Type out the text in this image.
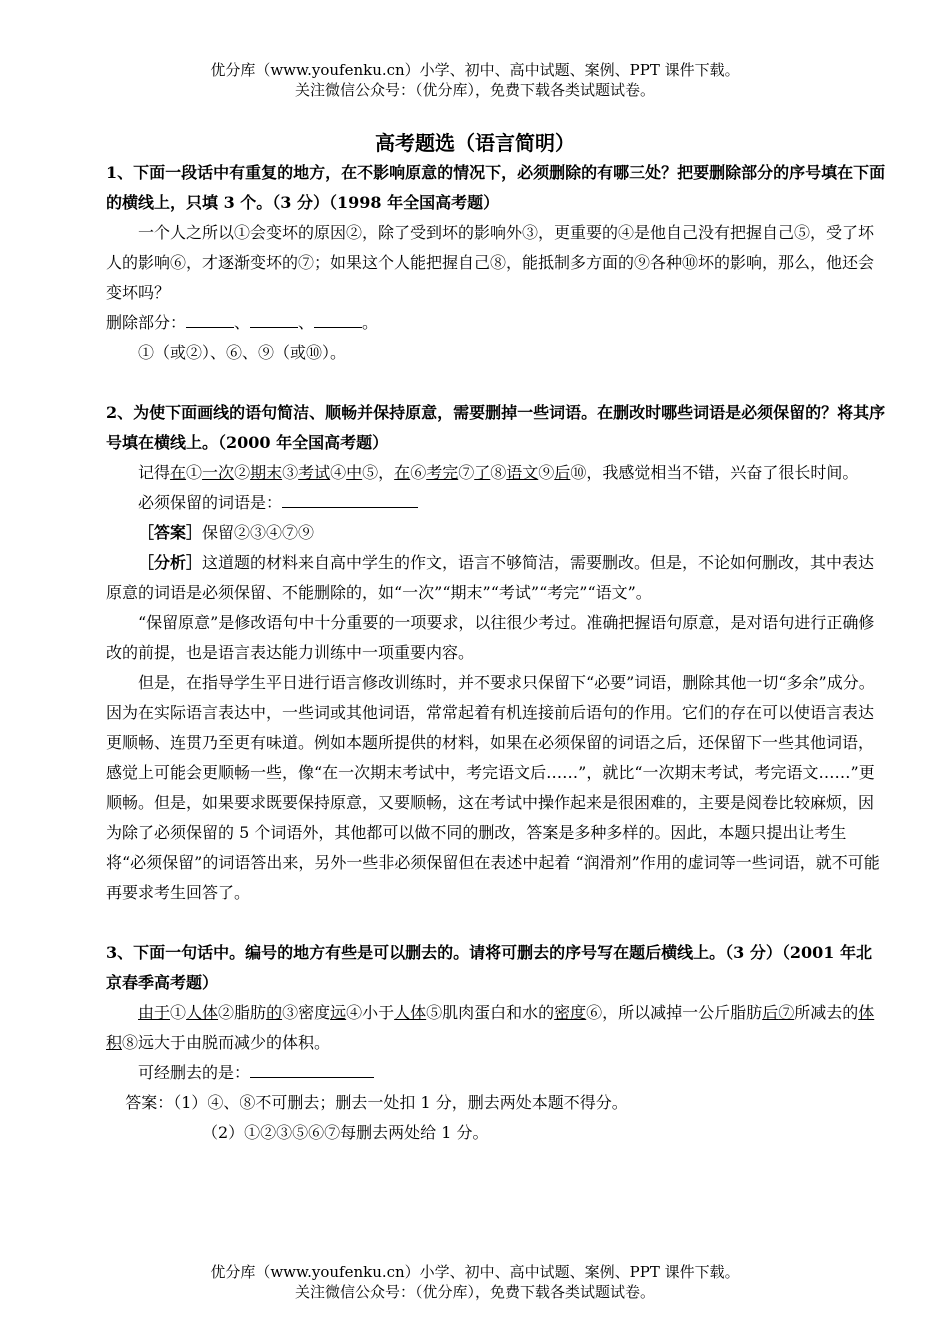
优分库（www.youfenku.cn）小学、初中、高中试题、案例、PPT 课件下载。
关注微信公众号：（优分库），免费下载各类试题试卷。
高考题选（语言简明）

1、下面一段话中有重复的地方，在不影响原意的情况下，必须删除的有哪三处？把要删除部分的序号填在下面的横线上，只填 3 个。（3 分）（1998 年全国高考题）

一个人之所以①会变坏的原因②，除了受到坏的影响外③，更重要的④是他自己没有把握自己⑤，受了坏人的影响⑥，才逐渐变坏的⑦；如果这个人能把握自己⑧，能抵制多方面的⑨各种⑩坏的影响，那么，他还会变坏吗？

删除部分：	、	、	。

①（或②）、⑥、⑨（或⑩）。

2、为使下面画线的语句简洁、顺畅并保持原意，需要删掉一些词语。在删改时哪些词语是必须保留的？将其序号填在横线上。（2000 年全国高考题）

记得在①一次②期末③考试④中⑤，在⑥考完⑦了⑧语文⑨后⑩，我感觉相当不错，兴奋了很长时间。

必须保留的词语是：

［答案］保留②③④⑦⑨

［分析］这道题的材料来自高中学生的作文，语言不够简洁，需要删改。但是，不论如何删改，其中表达原意的词语是必须保留、不能删除的，如“一次”“期末”“考试”“考完”“语文”。

“保留原意”是修改语句中十分重要的一项要求，以往很少考过。准确把握语句原意，是对语句进行正确修改的前提，也是语言表达能力训练中一项重要内容。

但是，在指导学生平日进行语言修改训练时，并不要求只保留下“必要”词语，删除其他一切“多余”成分。因为在实际语言表达中，一些词或其他词语，常常起着有机连接前后语句的作用。它们的存在可以使语言表达更顺畅、连贯乃至更有味道。例如本题所提供的材料，如果在必须保留的词语之后，还保留下一些其他词语，感觉上可能会更顺畅一些，像“在一次期末考试中，考完语文后……”，就比“一次期末考试，考完语文……”更顺畅。但是，如果要求既要保持原意，又要顺畅，这在考试中操作起来是很困难的，主要是阅卷比较麻烦，因为除了必须保留的 5 个词语外，其他都可以做不同的删改，答案是多种多样的。因此，本题只提出让考生将“必须保留”的词语答出来，另外一些非必须保留但在表述中起着 “润滑剂”作用的虚词等一些词语，就不可能再要求考生回答了。

3、下面一句话中。编号的地方有些是可以删去的。请将可删去的序号写在题后横线上。（3 分）（2001 年北京春季高考题）

由于①人体②脂肪的③密度远④小于人体⑤肌肉蛋白和水的密度⑥，所以减掉一公斤脂肪后⑦所减去的体积⑧远大于由脱而减少的体积。

可经删去的是：

答案：（1）④、⑧不可删去；删去一处扣 1 分，删去两处本题不得分。

（2）①②③⑤⑥⑦每删去两处给 1 分。

优分库（www.youfenku.cn）小学、初中、高中试题、案例、PPT 课件下载。
关注微信公众号：（优分库），免费下载各类试题试卷。
